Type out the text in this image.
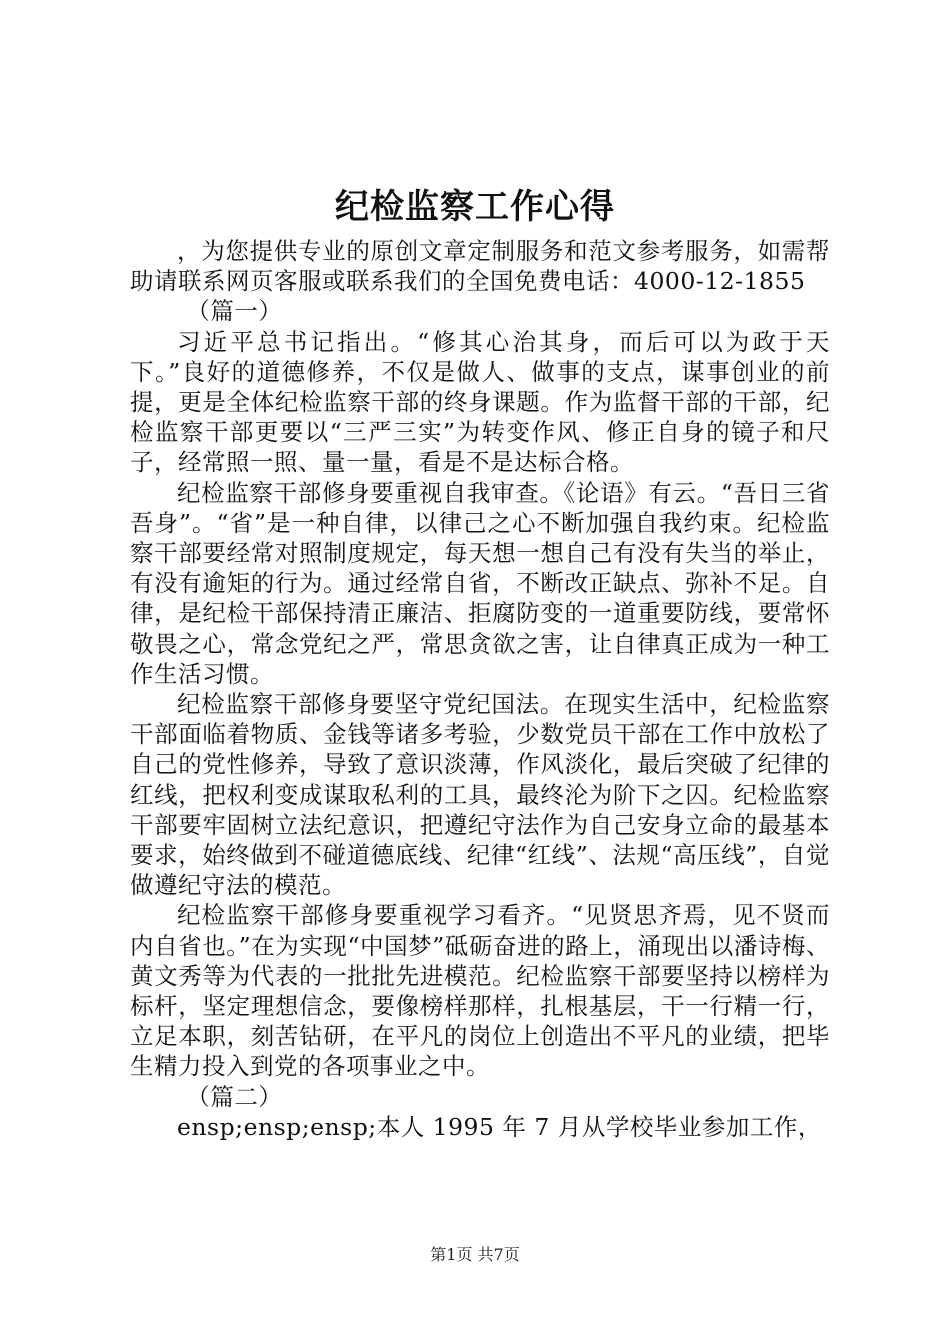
纪检监察工作心得

，为您提供专业的原创文章定制服务和范文参考服务，如需帮助请联系网页客服或联系我们的全国免费电话：4000-12-1855

（篇一）

习近平总书记指出。“修其心治其身，而后可以为政于天下。”良好的道德修养，不仅是做人、做事的支点，谋事创业的前提，更是全体纪检监察干部的终身课题。作为监督干部的干部，纪检监察干部更要以“三严三实”为转变作风、修正自身的镜子和尺子，经常照一照、量一量，看是不是达标合格。

纪检监察干部修身要重视自我审查。《论语》有云。“吾日三省吾身”。“省”是一种自律，以律己之心不断加强自我约束。纪检监察干部要经常对照制度规定，每天想一想自己有没有失当的举止，有没有逾矩的行为。通过经常自省，不断改正缺点、弥补不足。自律，是纪检干部保持清正廉洁、拒腐防变的一道重要防线，要常怀敬畏之心，常念党纪之严，常思贪欲之害，让自律真正成为一种工作生活习惯。

纪检监察干部修身要坚守党纪国法。在现实生活中，纪检监察干部面临着物质、金钱等诸多考验，少数党员干部在工作中放松了自己的党性修养，导致了意识淡薄，作风淡化，最后突破了纪律的红线，把权利变成谋取私利的工具，最终沦为阶下之囚。纪检监察干部要牢固树立法纪意识，把遵纪守法作为自己安身立命的最基本要求，始终做到不碰道德底线、纪律“红线”、法规“高压线”，自觉做遵纪守法的模范。

纪检监察干部修身要重视学习看齐。“见贤思齐焉，见不贤而内自省也。”在为实现“中国梦”砥砺奋进的路上，涌现出以潘诗梅、黄文秀等为代表的一批批先进模范。纪检监察干部要坚持以榜样为标杆，坚定理想信念，要像榜样那样，扎根基层，干一行精一行，立足本职，刻苦钻研，在平凡的岗位上创造出不平凡的业绩，把毕生精力投入到党的各项事业之中。

（篇二）

ensp;ensp;ensp;本人 1995 年 7 月从学校毕业参加工作，

第1页 共7页
